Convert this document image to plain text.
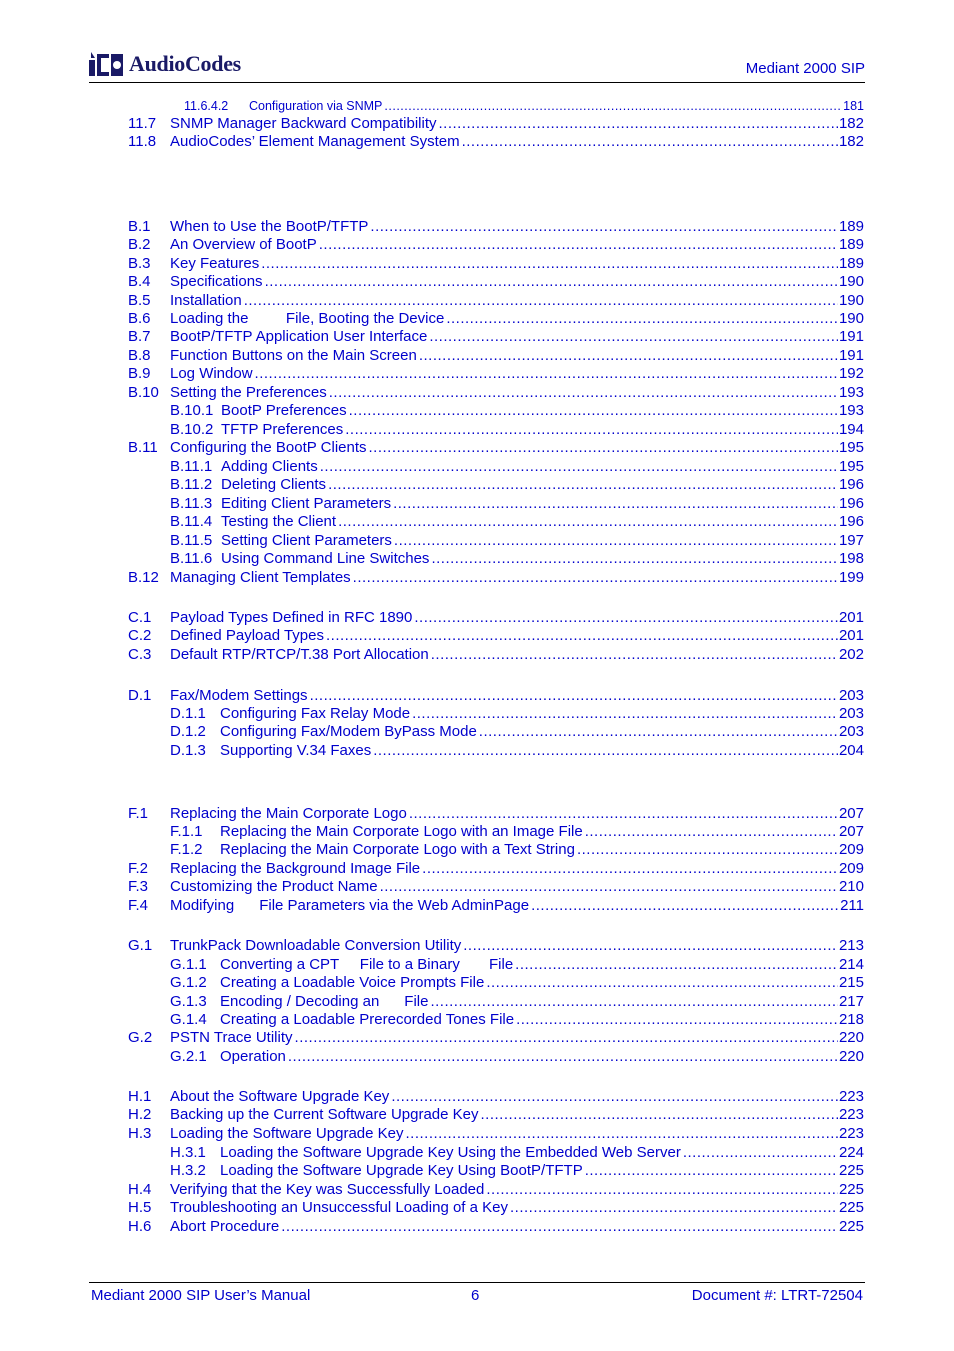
AudioCodes	Mediant 2000 SIP
11.6.4.2 Configuration via SNMP .....	181
11.7 SNMP Manager Backward Compatibility .....	182
11.8 AudioCodes’ Element Management System .....	182
B.1 When to Use the BootP/TFTP .....	189
B.2 An Overview of BootP .....	189
B.3 Key Features .....	189
B.4 Specifications .....	190
B.5 Installation .....	190
B.6 Loading the         File, Booting the Device .....	190
B.7 BootP/TFTP Application User Interface .....	191
B.8 Function Buttons on the Main Screen .....	191
B.9 Log Window .....	192
B.10 Setting the Preferences .....	193
B.10.1 BootP Preferences .....	193
B.10.2 TFTP Preferences .....	194
B.11 Configuring the BootP Clients .....	195
B.11.1 Adding Clients .....	195
B.11.2 Deleting Clients .....	196
B.11.3 Editing Client Parameters .....	196
B.11.4 Testing the Client .....	196
B.11.5 Setting Client Parameters .....	197
B.11.6 Using Command Line Switches .....	198
B.12 Managing Client Templates .....	199
C.1 Payload Types Defined in RFC 1890 .....	201
C.2 Defined Payload Types .....	201
C.3 Default RTP/RTCP/T.38 Port Allocation .....	202
D.1 Fax/Modem Settings .....	203
D.1.1 Configuring Fax Relay Mode .....	203
D.1.2 Configuring Fax/Modem ByPass Mode .....	203
D.1.3 Supporting V.34 Faxes .....	204
F.1 Replacing the Main Corporate Logo .....	207
F.1.1 Replacing the Main Corporate Logo with an Image File .....	207
F.1.2 Replacing the Main Corporate Logo with a Text String .....	209
F.2 Replacing the Background Image File .....	209
F.3 Customizing the Product Name .....	210
F.4 Modifying      File Parameters via the Web AdminPage .....	211
G.1 TrunkPack Downloadable Conversion Utility .....	213
G.1.1 Converting a CPT     File to a Binary       File .....	214
G.1.2 Creating a Loadable Voice Prompts File .....	215
G.1.3 Encoding / Decoding an      File .....	217
G.1.4 Creating a Loadable Prerecorded Tones File .....	218
G.2 PSTN Trace Utility .....	220
G.2.1 Operation .....	220
H.1 About the Software Upgrade Key .....	223
H.2 Backing up the Current Software Upgrade Key .....	223
H.3 Loading the Software Upgrade Key .....	223
H.3.1 Loading the Software Upgrade Key Using the Embedded Web Server .....	224
H.3.2 Loading the Software Upgrade Key Using BootP/TFTP .....	225
H.4 Verifying that the Key was Successfully Loaded .....	225
H.5 Troubleshooting an Unsuccessful Loading of a Key .....	225
H.6 Abort Procedure .....	225
Mediant 2000 SIP User’s Manual	6	Document #: LTRT-72504
